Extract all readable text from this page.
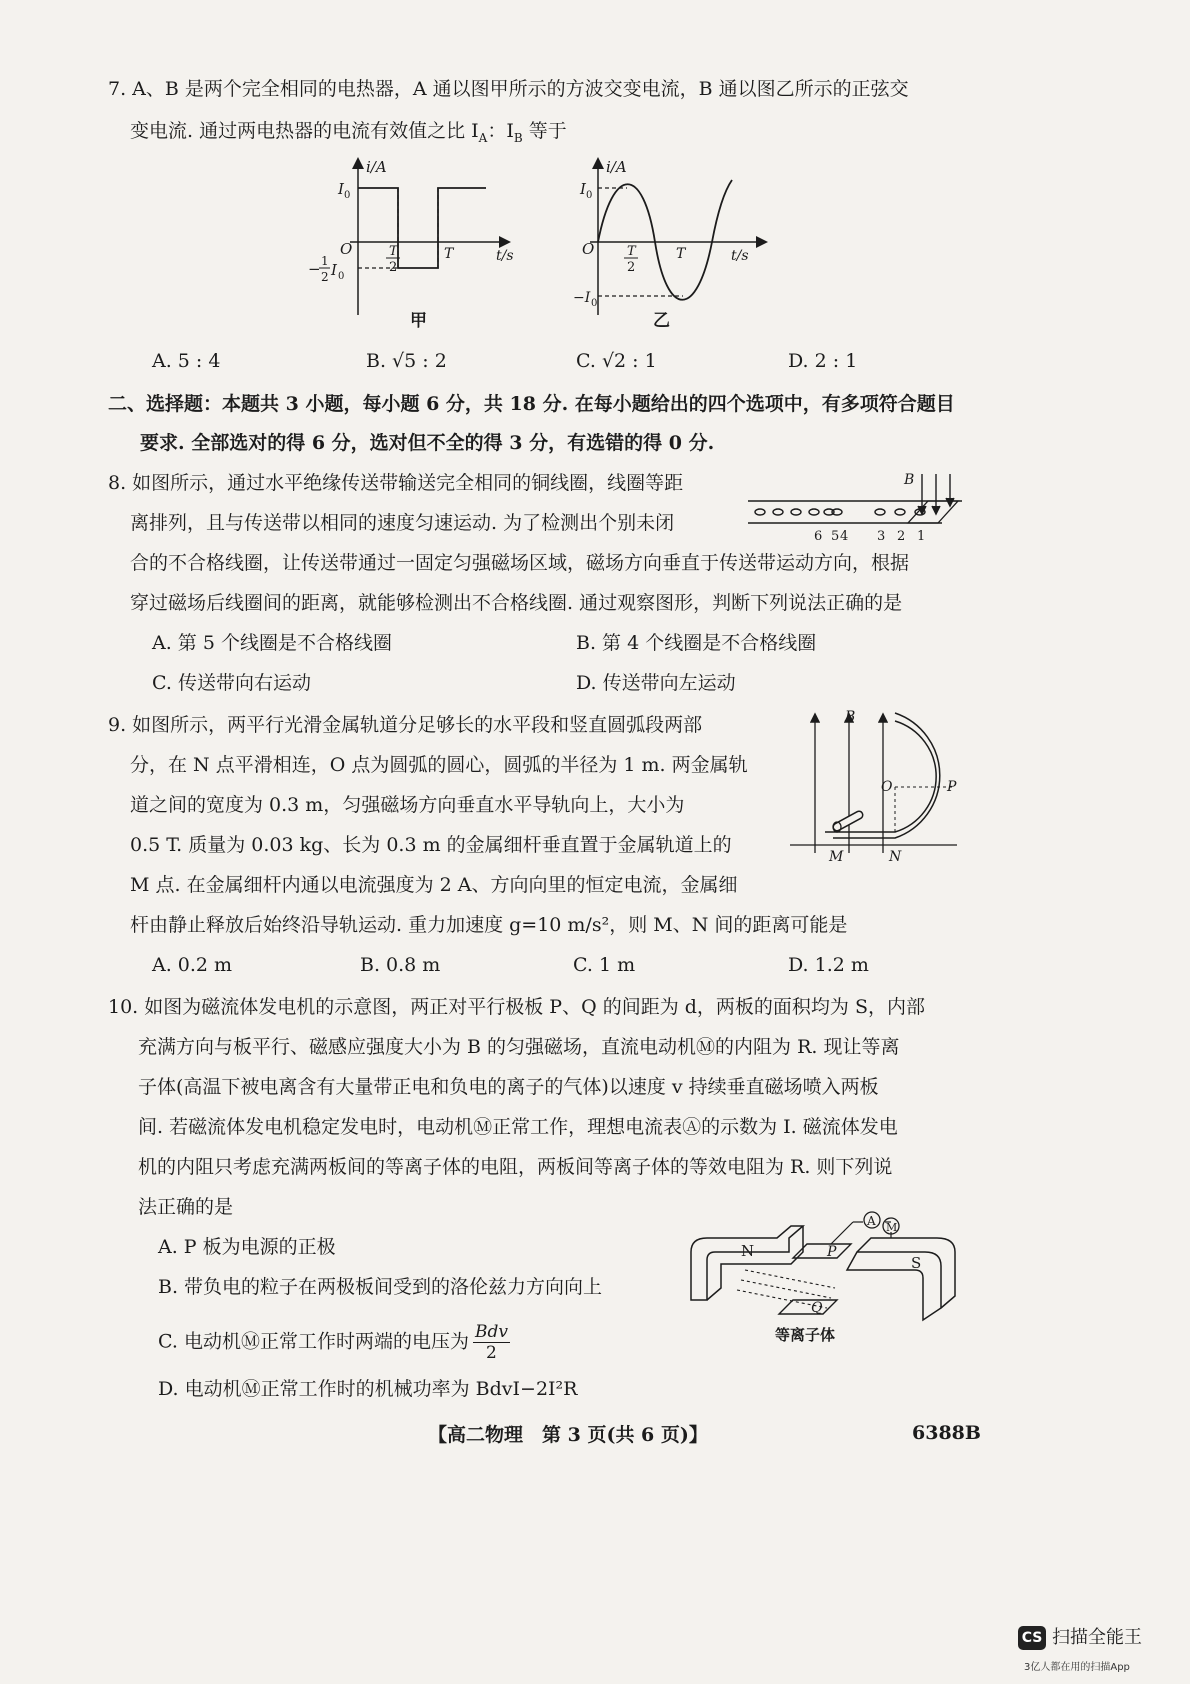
7. A、B 是两个完全相同的电热器，A 通以图甲所示的方波交变电流，B 通以图乙所示的正弦交
变电流. 通过两电热器的电流有效值之比 $I_A$：$I_B$ 等于
i/A
I 0
O
− 1
2 I 0
T
2
T	t/s
甲
i/A
I 0
O
−I 0
T
2
T	t/s
乙
A. 5 : 4	B. √5 : 2	C. √2 : 1	D. 2 : 1
二、选择题：本题共 3 小题，每小题 6 分，共 18 分. 在每小题给出的四个选项中，有多项符合题目
要求. 全部选对的得 6 分，选对但不全的得 3 分，有选错的得 0 分.
8. 如图所示，通过水平绝缘传送带输送完全相同的铜线圈，线圈等距
离排列，且与传送带以相同的速度匀速运动. 为了检测出个别未闭
合的不合格线圈，让传送带通过一固定匀强磁场区域，磁场方向垂直于传送带运动方向，根据
穿过磁场后线圈间的距离，就能够检测出不合格线圈. 通过观察图形，判断下列说法正确的是
B
6 5 4 3 2 1
A. 第 5 个线圈是不合格线圈	B. 第 4 个线圈是不合格线圈
C. 传送带向右运动	D. 传送带向左运动
9. 如图所示，两平行光滑金属轨道分足够长的水平段和竖直圆弧段两部
分，在 N 点平滑相连，O 点为圆弧的圆心，圆弧的半径为 1 m. 两金属轨
道之间的宽度为 0.3 m，匀强磁场方向垂直水平导轨向上，大小为
0.5 T. 质量为 0.03 kg、长为 0.3 m 的金属细杆垂直置于金属轨道上的
M 点. 在金属细杆内通以电流强度为 2 A、方向向里的恒定电流，金属细
杆由静止释放后始终沿导轨运动. 重力加速度 g=10 m/s²，则 M、N 间的距离可能是
B
O	P
M	N
A. 0.2 m	B. 0.8 m	C. 1 m	D. 1.2 m
10. 如图为磁流体发电机的示意图，两正对平行极板 P、Q 的间距为 d，两板的面积均为 S，内部
充满方向与板平行、磁感应强度大小为 B 的匀强磁场，直流电动机Ⓜ的内阻为 R. 现让等离
子体(高温下被电离含有大量带正电和负电的离子的气体)以速度 v 持续垂直磁场喷入两板
间. 若磁流体发电机稳定发电时，电动机Ⓜ正常工作，理想电流表Ⓐ的示数为 I. 磁流体发电
机的内阻只考虑充满两板间的等离子体的电阻，两板间等离子体的等效电阻为 R. 则下列说
法正确的是
A. P 板为电源的正极
B. 带负电的粒子在两极板间受到的洛伦兹力方向向上
C. 电动机Ⓜ正常工作时两端的电压为 Bdv
2
D. 电动机Ⓜ正常工作时的机械功率为 BdvI−2I²R
A M
N
S
P
Q
等离子体
【高二物理　第 3 页(共 6 页)】	6388B
CS 扫描全能王
3亿人都在用的扫描App
